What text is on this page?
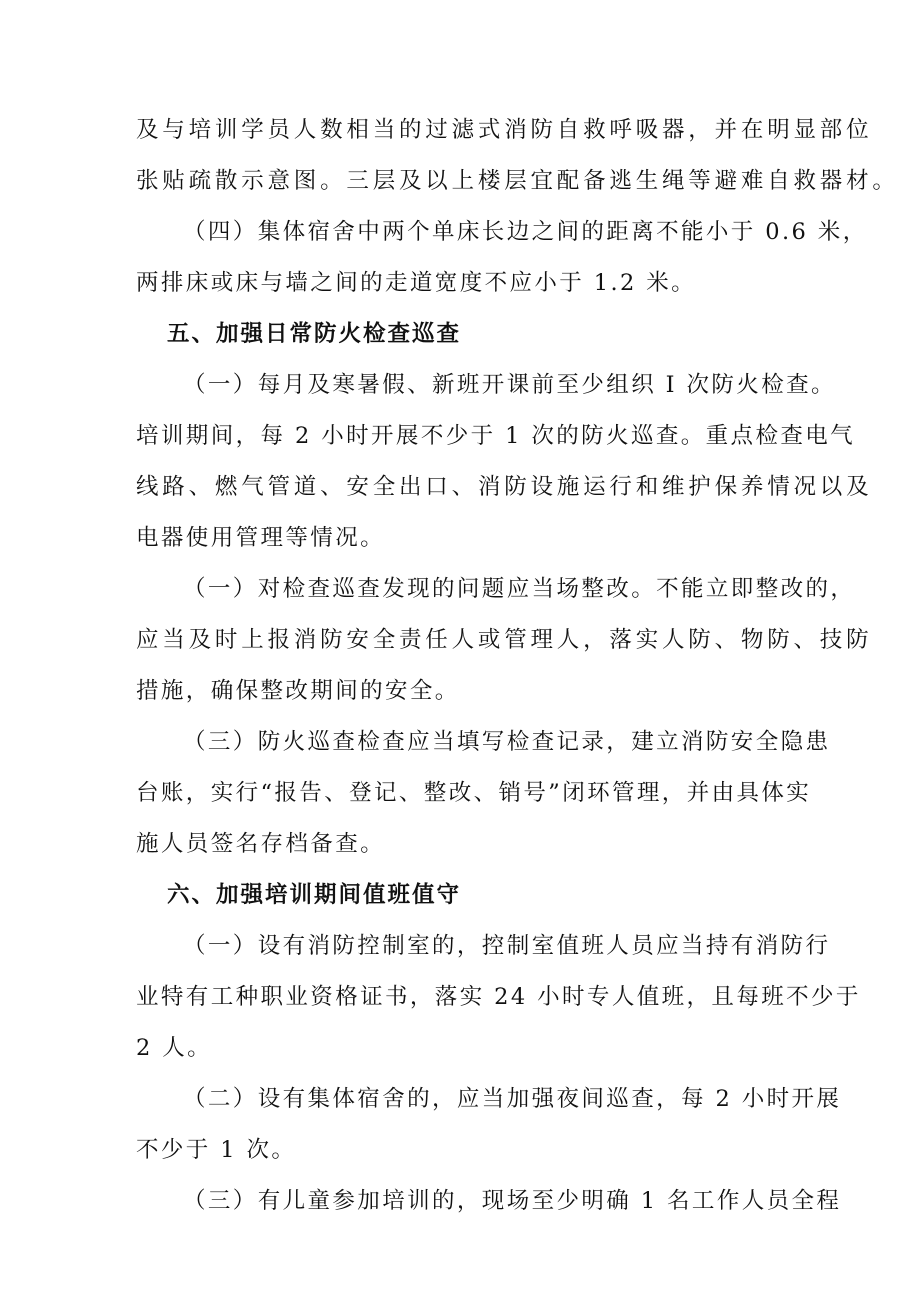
及与培训学员人数相当的过滤式消防自救呼吸器，并在明显部位
张贴疏散示意图。三层及以上楼层宜配备逃生绳等避难自救器材。
（四）集体宿舍中两个单床长边之间的距离不能小于 0.6 米，
两排床或床与墙之间的走道宽度不应小于 1.2 米。
五、加强日常防火检查巡查
（一）每月及寒暑假、新班开课前至少组织 I 次防火检查。
培训期间，每 2 小时开展不少于 1 次的防火巡查。重点检查电气
线路、燃气管道、安全出口、消防设施运行和维护保养情况以及
电器使用管理等情况。
（一）对检查巡查发现的问题应当场整改。不能立即整改的，
应当及时上报消防安全责任人或管理人，落实人防、物防、技防
措施，确保整改期间的安全。
（三）防火巡查检查应当填写检查记录，建立消防安全隐患
台账，实行“报告、登记、整改、销号”闭环管理，并由具体实
施人员签名存档备查。
六、加强培训期间值班值守
（一）设有消防控制室的，控制室值班人员应当持有消防行
业特有工种职业资格证书，落实 24 小时专人值班，且每班不少于
2 人。
（二）设有集体宿舍的，应当加强夜间巡查，每 2 小时开展
不少于 1 次。
（三）有儿童参加培训的，现场至少明确 1 名工作人员全程
